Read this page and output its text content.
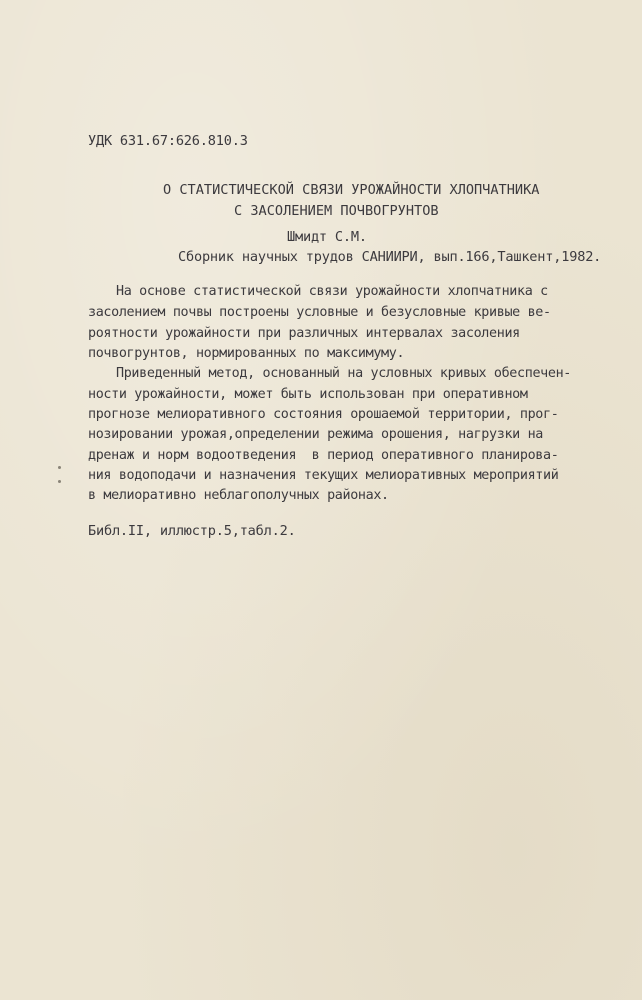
УДК 631.67:626.810.3
О СТАТИСТИЧЕСКОЙ СВЯЗИ УРОЖАЙНОСТИ ХЛОПЧАТНИКА
С ЗАСОЛЕНИЕМ ПОЧВОГРУНТОВ
Шмидт С.М.
Сборник научных трудов САНИИРИ, вып.166,Ташкент,1982.
На основе статистической связи урожайности хлопчатника с
засолением почвы построены условные и безусловные кривые ве-
роятности урожайности при различных интервалах засоления
почвогрунтов, нормированных по максимуму.
Приведенный метод, основанный на условных кривых обеспечен-
ности урожайности, может быть использован при оперативном
прогнозе мелиоративного состояния орошаемой территории, прог-
нозировании урожая,определении режима орошения, нагрузки на
дренаж и норм водоотведения  в период оперативного планирова-
ния водоподачи и назначения текущих мелиоративных мероприятий
в мелиоративно неблагополучных районах.
Библ.II, иллюстр.5,табл.2.
